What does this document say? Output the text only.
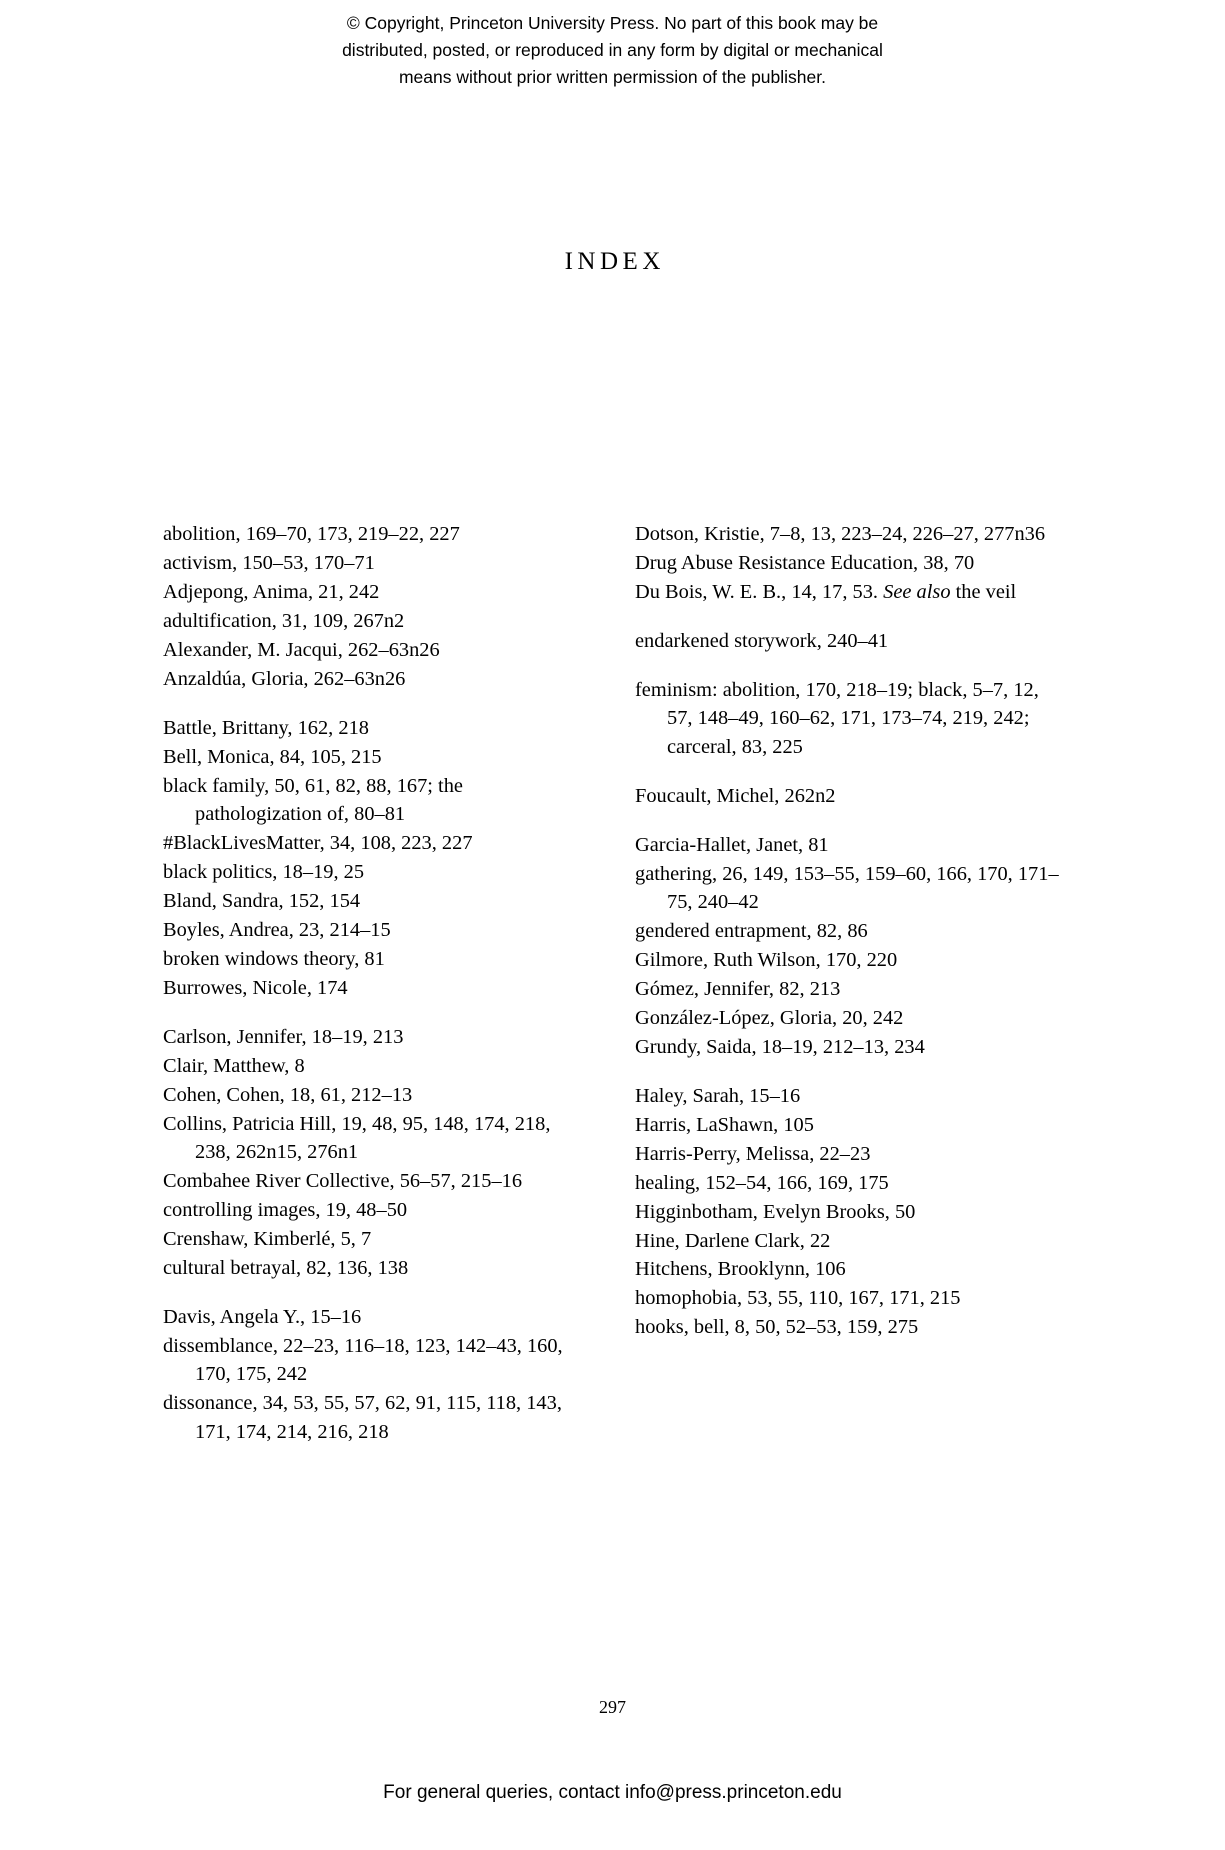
© Copyright, Princeton University Press. No part of this book may be
distributed, posted, or reproduced in any form by digital or mechanical
means without prior written permission of the publisher.
INDEX

abolition, 169–70, 173, 219–22, 227

activism, 150–53, 170–71

Adjepong, Anima, 21, 242

adultification, 31, 109, 267n2

Alexander, M. Jacqui, 262–63n26

Anzaldúa, Gloria, 262–63n26

Battle, Brittany, 162, 218

Bell, Monica, 84, 105, 215

black family, 50, 61, 82, 88, 167; the pathologization of, 80–81

#BlackLivesMatter, 34, 108, 223, 227

black politics, 18–19, 25

Bland, Sandra, 152, 154

Boyles, Andrea, 23, 214–15

broken windows theory, 81

Burrowes, Nicole, 174

Carlson, Jennifer, 18–19, 213

Clair, Matthew, 8

Cohen, Cohen, 18, 61, 212–13

Collins, Patricia Hill, 19, 48, 95, 148, 174, 218, 238, 262n15, 276n1

Combahee River Collective, 56–57, 215–16

controlling images, 19, 48–50

Crenshaw, Kimberlé, 5, 7

cultural betrayal, 82, 136, 138

Davis, Angela Y., 15–16

dissemblance, 22–23, 116–18, 123, 142–43, 160, 170, 175, 242

dissonance, 34, 53, 55, 57, 62, 91, 115, 118, 143, 171, 174, 214, 216, 218

Dotson, Kristie, 7–8, 13, 223–24, 226–27, 277n36

Drug Abuse Resistance Education, 38, 70

Du Bois, W. E. B., 14, 17, 53. See also the veil

endarkened storywork, 240–41

feminism: abolition, 170, 218–19; black, 5–7, 12, 57, 148–49, 160–62, 171, 173–74, 219, 242; carceral, 83, 225

Foucault, Michel, 262n2

Garcia-Hallet, Janet, 81

gathering, 26, 149, 153–55, 159–60, 166, 170, 171–75, 240–42

gendered entrapment, 82, 86

Gilmore, Ruth Wilson, 170, 220

Gómez, Jennifer, 82, 213

González-López, Gloria, 20, 242

Grundy, Saida, 18–19, 212–13, 234

Haley, Sarah, 15–16

Harris, LaShawn, 105

Harris-Perry, Melissa, 22–23

healing, 152–54, 166, 169, 175

Higginbotham, Evelyn Brooks, 50

Hine, Darlene Clark, 22

Hitchens, Brooklynn, 106

homophobia, 53, 55, 110, 167, 171, 215

hooks, bell, 8, 50, 52–53, 159, 275

297
For general queries, contact info@press.princeton.edu
